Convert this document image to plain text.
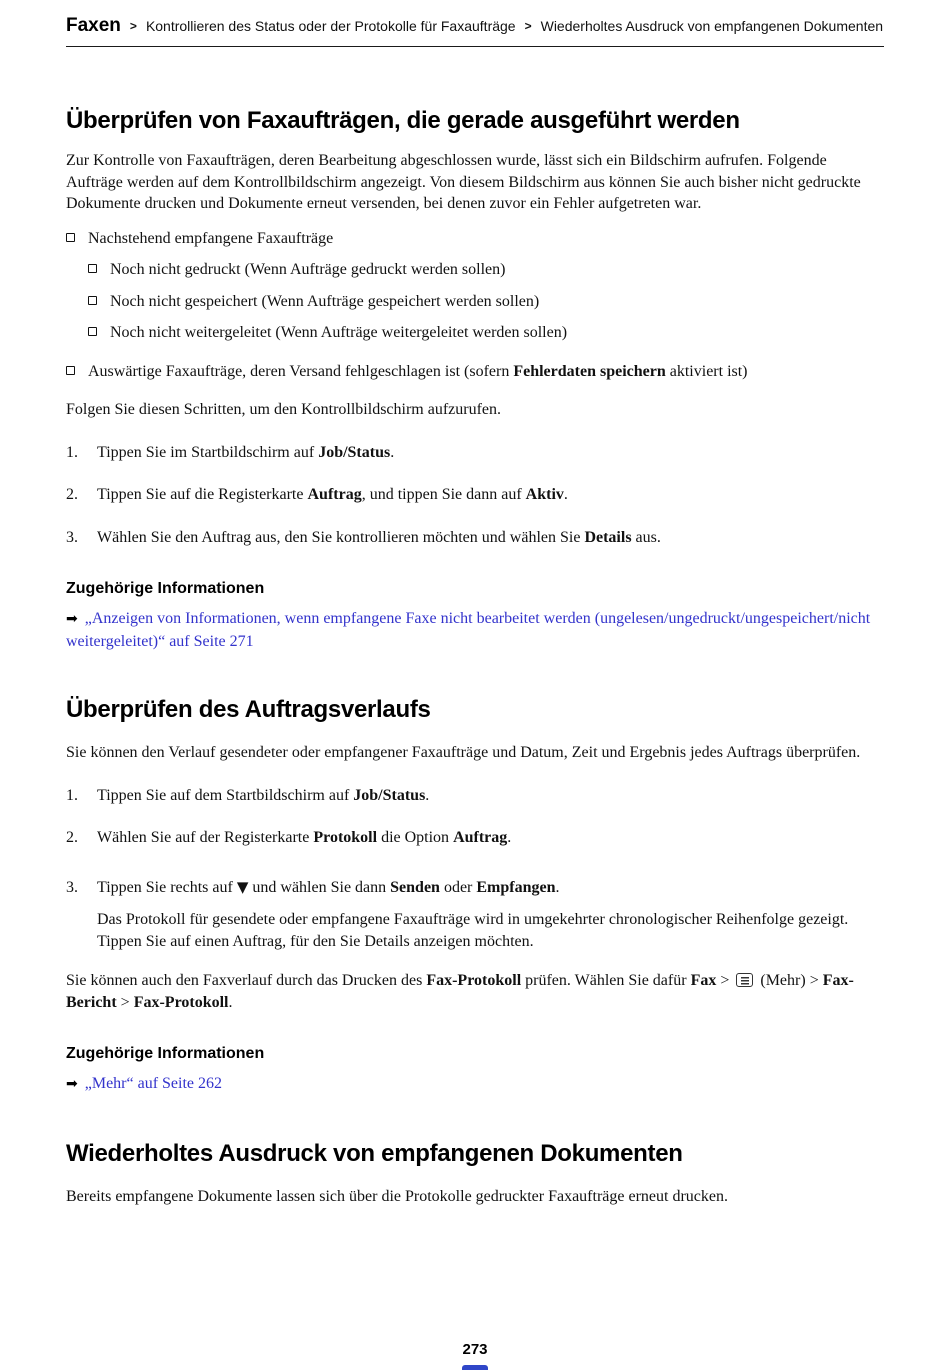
Faxen > Kontrollieren des Status oder der Protokolle für Faxaufträge > Wiederholtes Ausdruck von empfangenen Dokumenten
Überprüfen von Faxaufträgen, die gerade ausgeführt werden

Zur Kontrolle von Faxaufträgen, deren Bearbeitung abgeschlossen wurde, lässt sich ein Bildschirm aufrufen. Folgende Aufträge werden auf dem Kontrollbildschirm angezeigt. Von diesem Bildschirm aus können Sie auch bisher nicht gedruckte Dokumente drucken und Dokumente erneut versenden, bei denen zuvor ein Fehler aufgetreten war.

Nachstehend empfangene Faxaufträge
Noch nicht gedruckt (Wenn Aufträge gedruckt werden sollen)
Noch nicht gespeichert (Wenn Aufträge gespeichert werden sollen)
Noch nicht weitergeleitet (Wenn Aufträge weitergeleitet werden sollen)
Auswärtige Faxaufträge, deren Versand fehlgeschlagen ist (sofern Fehlerdaten speichern aktiviert ist)

Folgen Sie diesen Schritten, um den Kontrollbildschirm aufzurufen.

1.	Tippen Sie im Startbildschirm auf Job/Status.
2.	Tippen Sie auf die Registerkarte Auftrag, und tippen Sie dann auf Aktiv.
3.	Wählen Sie den Auftrag aus, den Sie kontrollieren möchten und wählen Sie Details aus.
Zugehörige Informationen

➡ „Anzeigen von Informationen, wenn empfangene Faxe nicht bearbeitet werden (ungelesen/ungedruckt/ungespeichert/nicht weitergeleitet)“ auf Seite 271

Überprüfen des Auftragsverlaufs

Sie können den Verlauf gesendeter oder empfangener Faxaufträge und Datum, Zeit und Ergebnis jedes Auftrags überprüfen.

1.	Tippen Sie auf dem Startbildschirm auf Job/Status.
2.	Wählen Sie auf der Registerkarte Protokoll die Option Auftrag.
3.	Tippen Sie rechts auf ▼ und wählen Sie dann Senden oder Empfangen.

Das Protokoll für gesendete oder empfangene Faxaufträge wird in umgekehrter chronologischer Reihenfolge gezeigt. Tippen Sie auf einen Auftrag, für den Sie Details anzeigen möchten.

Sie können auch den Faxverlauf durch das Drucken des Fax-Protokoll prüfen. Wählen Sie dafür Fax >  (Mehr) > Fax-Bericht > Fax-Protokoll.

Zugehörige Informationen

➡ „Mehr“ auf Seite 262

Wiederholtes Ausdruck von empfangenen Dokumenten

Bereits empfangene Dokumente lassen sich über die Protokolle gedruckter Faxaufträge erneut drucken.

273
